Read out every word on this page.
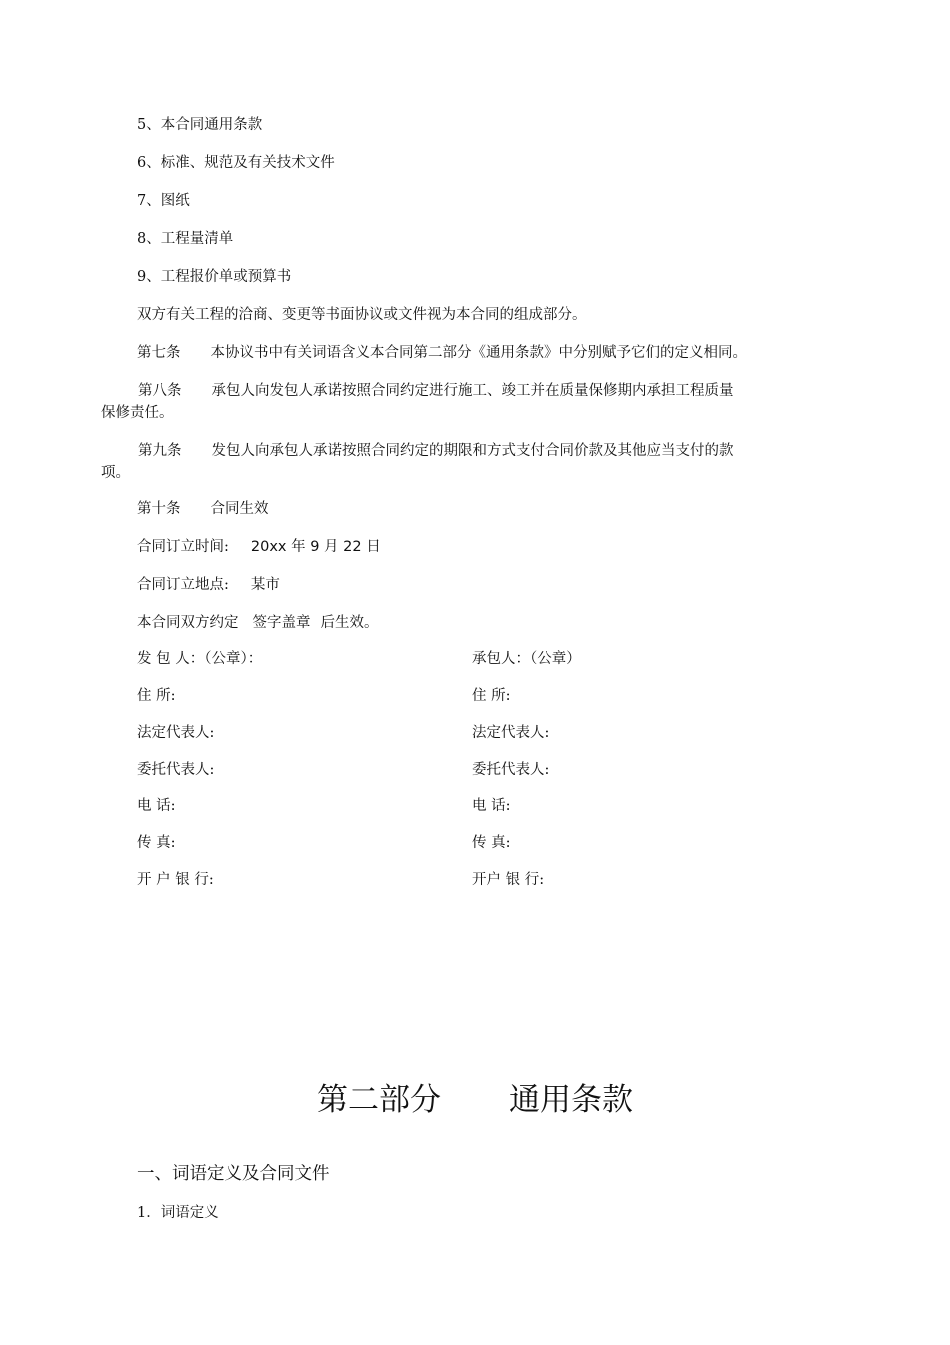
5、本合同通用条款
6、标准、规范及有关技术文件
7、图纸
8、工程量清单
9、工程报价单或预算书
双方有关工程的洽商、变更等书面协议或文件视为本合同的组成部分。
第七条 本协议书中有关词语含义本合同第二部分《通用条款》中分别赋予它们的定义相同。
第八条 承包人向发包人承诺按照合同约定进行施工、竣工并在质量保修期内承担工程质量
保修责任。
第九条 发包人向承包人承诺按照合同约定的期限和方式支付合同价款及其他应当支付的款
项。
第十条 合同生效
合同订立时间: 20xx 年 9 月 22 日
合同订立地点: 某市
本合同双方约定 签字盖章 后生效。
发 包 人：（公章）：
住 所:
法定代表人:
委托代表人:
电 话:
传 真:
开 户 银 行:
承包人：（公章）
住 所:
法定代表人:
委托代表人:
电 话:
传 真:
开户 银 行:
第二部分 通用条款
一、词语定义及合同文件
1．词语定义
